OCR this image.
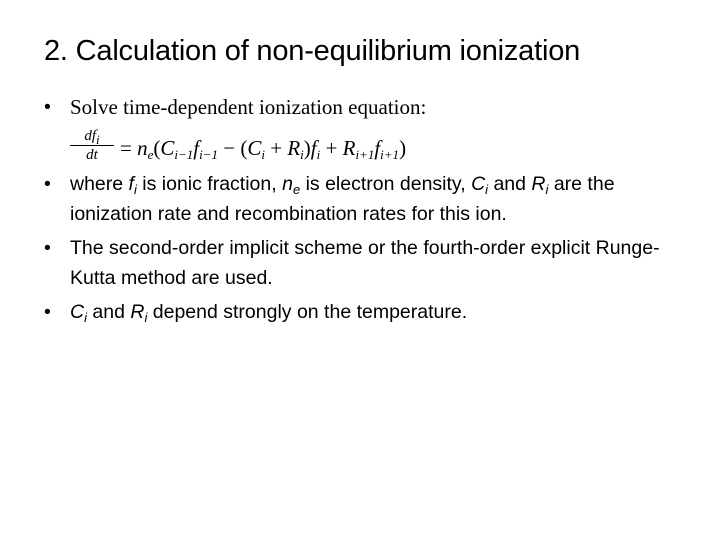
2. Calculation of non-equilibrium ionization
• Solve time-dependent ionization equation:
$df_i$
dt	= $n_e(C_{i-1}f_{i-1} - (C_i + R_i)f_i + R_{i+1}f_{i+1})$
• where $f_i$ is ionic fraction, $n_e$ is electron density, $C_i$ and $R_i$ are the ionization rate and recombination rates for this ion.
• The second-order implicit scheme or the fourth-order explicit Runge-Kutta method are used.
• $C_i$ and $R_i$ depend strongly on the temperature.
